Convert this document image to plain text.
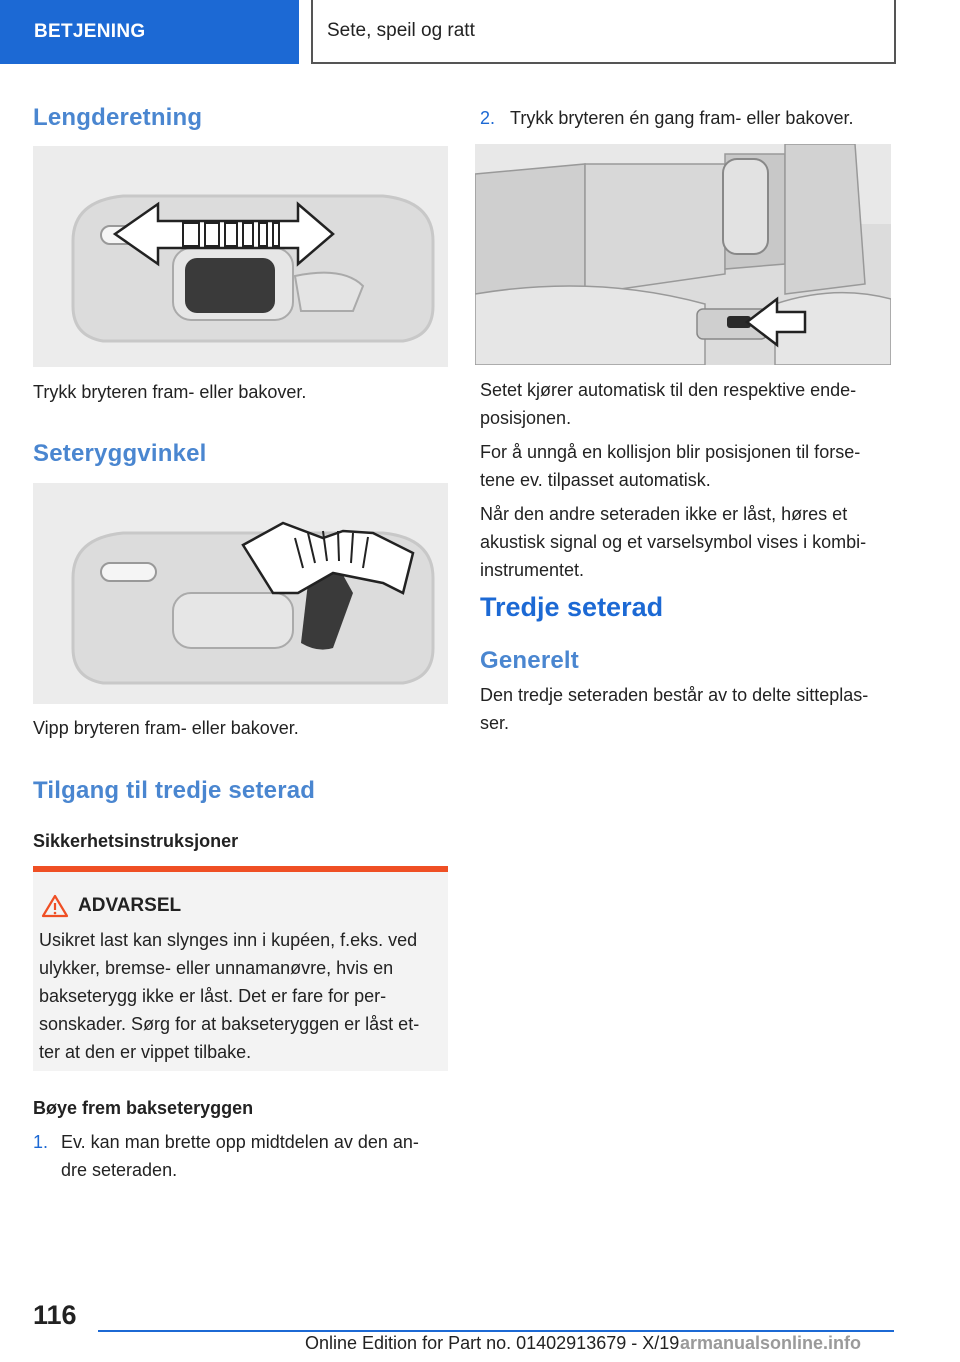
BETJENING	Sete, speil og ratt
Lengderetning

Trykk bryteren fram- eller bakover.

Seteryggvinkel

Vipp bryteren fram- eller bakover.

Tilgang til tredje seterad

Sikkerhetsinstruksjoner

ADVARSEL
Usikret last kan slynges inn i kupéen, f.eks. ved
ulykker, bremse- eller unnamanøvre, hvis en
bakseterygg ikke er låst. Det er fare for per-
sonskader. Sørg for at bakseteryggen er låst et-
ter at den er vippet tilbake.

Bøye frem bakseteryggen

1. Ev. kan man brette opp midtdelen av den an-
dre seteraden.
2. Trykk bryteren én gang fram- eller bakover.
Setet kjører automatisk til den respektive ende-
posisjonen.
For å unngå en kollisjon blir posisjonen til forse-
tene ev. tilpasset automatisk.
Når den andre seteraden ikke er låst, høres et
akustisk signal og et varselsymbol vises i kombi-
instrumentet.
Tredje seterad
Generelt
Den tredje seteraden består av to delte sitteplas-
ser.
116
Online Edition for Part no. 01402913679 - X/19 armanualsonline.info
